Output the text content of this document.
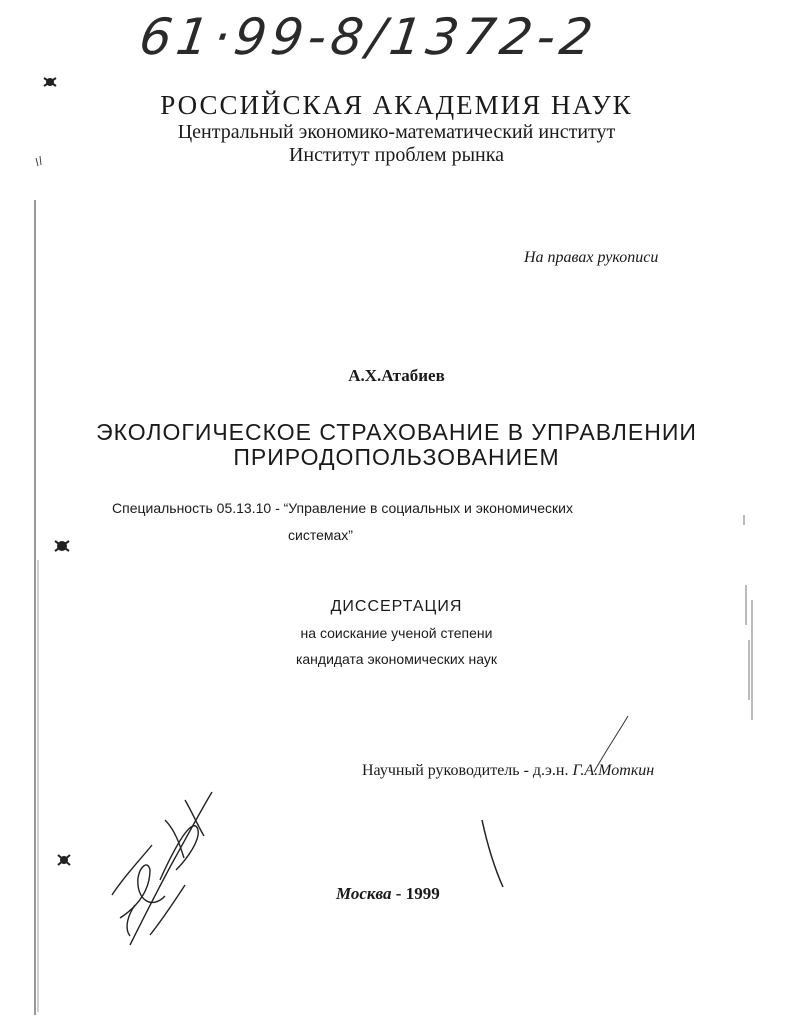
61·99-8/1372-2
РОССИЙСКАЯ АКАДЕМИЯ НАУК
Центральный экономико-математический институт
Институт проблем рынка
На правах рукописи
А.Х.Атабиев
ЭКОЛОГИЧЕСКОЕ СТРАХОВАНИЕ В УПРАВЛЕНИИ
ПРИРОДОПОЛЬЗОВАНИЕМ
Специальность 05.13.10 - “Управление в социальных и экономических
системах”
ДИССЕРТАЦИЯ
на соискание ученой степени
кандидата экономических наук
Научный руководитель - д.э.н. Г.А.Моткин
Москва - 1999
